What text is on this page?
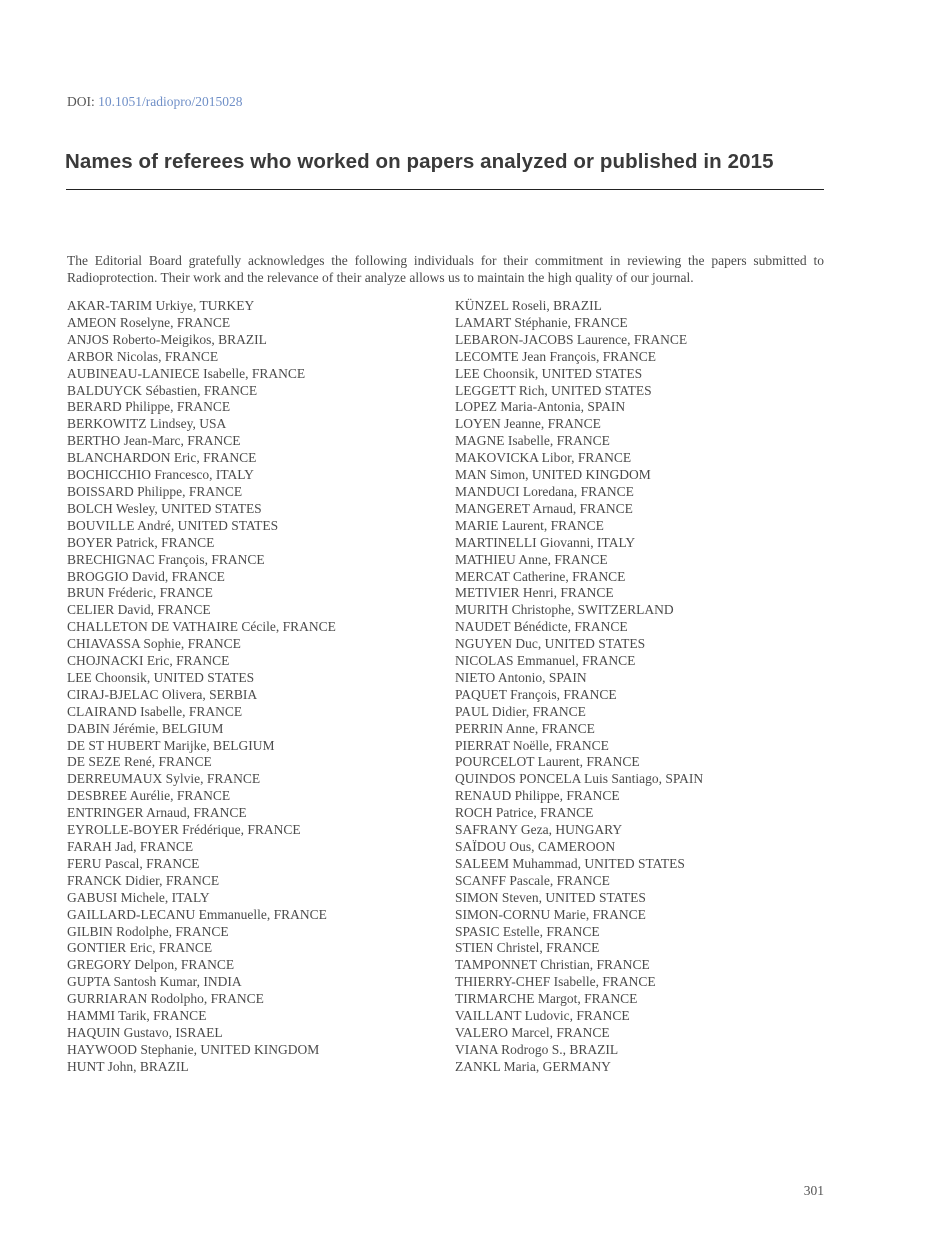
DOI: 10.1051/radiopro/2015028
Names of referees who worked on papers analyzed or published in 2015

The Editorial Board gratefully acknowledges the following individuals for their commitment in reviewing the papers submitted to Radioprotection. Their work and the relevance of their analyze allows us to maintain the high quality of our journal.

AKAR-TARIM Urkiye, TURKEY
AMEON Roselyne, FRANCE
ANJOS Roberto-Meigikos, BRAZIL
ARBOR Nicolas, FRANCE
AUBINEAU-LANIECE Isabelle, FRANCE
BALDUYCK Sébastien, FRANCE
BERARD Philippe, FRANCE
BERKOWITZ Lindsey, USA
BERTHO Jean-Marc, FRANCE
BLANCHARDON Eric, FRANCE
BOCHICCHIO Francesco, ITALY
BOISSARD Philippe, FRANCE
BOLCH Wesley, UNITED STATES
BOUVILLE André, UNITED STATES
BOYER Patrick, FRANCE
BRECHIGNAC François, FRANCE
BROGGIO David, FRANCE
BRUN Fréderic, FRANCE
CELIER David, FRANCE
CHALLETON DE VATHAIRE Cécile, FRANCE
CHIAVASSA Sophie, FRANCE
CHOJNACKI Eric, FRANCE
LEE Choonsik, UNITED STATES
CIRAJ-BJELAC Olivera, SERBIA
CLAIRAND Isabelle, FRANCE
DABIN Jérémie, BELGIUM
DE ST HUBERT Marijke, BELGIUM
DE SEZE René, FRANCE
DERREUMAUX Sylvie, FRANCE
DESBREE Aurélie, FRANCE
ENTRINGER Arnaud, FRANCE
EYROLLE-BOYER Frédérique, FRANCE
FARAH Jad, FRANCE
FERU Pascal, FRANCE
FRANCK Didier, FRANCE
GABUSI Michele, ITALY
GAILLARD-LECANU Emmanuelle, FRANCE
GILBIN Rodolphe, FRANCE
GONTIER Eric, FRANCE
GREGORY Delpon, FRANCE
GUPTA Santosh Kumar, INDIA
GURRIARAN Rodolpho, FRANCE
HAMMI Tarik, FRANCE
HAQUIN Gustavo, ISRAEL
HAYWOOD Stephanie, UNITED KINGDOM
HUNT John, BRAZIL
KÜNZEL Roseli, BRAZIL
LAMART Stéphanie, FRANCE
LEBARON-JACOBS Laurence, FRANCE
LECOMTE Jean François, FRANCE
LEE Choonsik, UNITED STATES
LEGGETT Rich, UNITED STATES
LOPEZ Maria-Antonia, SPAIN
LOYEN Jeanne, FRANCE
MAGNE Isabelle, FRANCE
MAKOVICKA Libor, FRANCE
MAN Simon, UNITED KINGDOM
MANDUCI Loredana, FRANCE
MANGERET Arnaud, FRANCE
MARIE Laurent, FRANCE
MARTINELLI Giovanni, ITALY
MATHIEU Anne, FRANCE
MERCAT Catherine, FRANCE
METIVIER Henri, FRANCE
MURITH Christophe, SWITZERLAND
NAUDET Bénédicte, FRANCE
NGUYEN Duc, UNITED STATES
NICOLAS Emmanuel, FRANCE
NIETO Antonio, SPAIN
PAQUET François, FRANCE
PAUL Didier, FRANCE
PERRIN Anne, FRANCE
PIERRAT Noëlle, FRANCE
POURCELOT Laurent, FRANCE
QUINDOS PONCELA Luis Santiago, SPAIN
RENAUD Philippe, FRANCE
ROCH Patrice, FRANCE
SAFRANY Geza, HUNGARY
SAÏDOU Ous, CAMEROON
SALEEM Muhammad, UNITED STATES
SCANFF Pascale, FRANCE
SIMON Steven, UNITED STATES
SIMON-CORNU Marie, FRANCE
SPASIC Estelle, FRANCE
STIEN Christel, FRANCE
TAMPONNET Christian, FRANCE
THIERRY-CHEF Isabelle, FRANCE
TIRMARCHE Margot, FRANCE
VAILLANT Ludovic, FRANCE
VALERO Marcel, FRANCE
VIANA Rodrogo S., BRAZIL
ZANKL Maria, GERMANY
301
